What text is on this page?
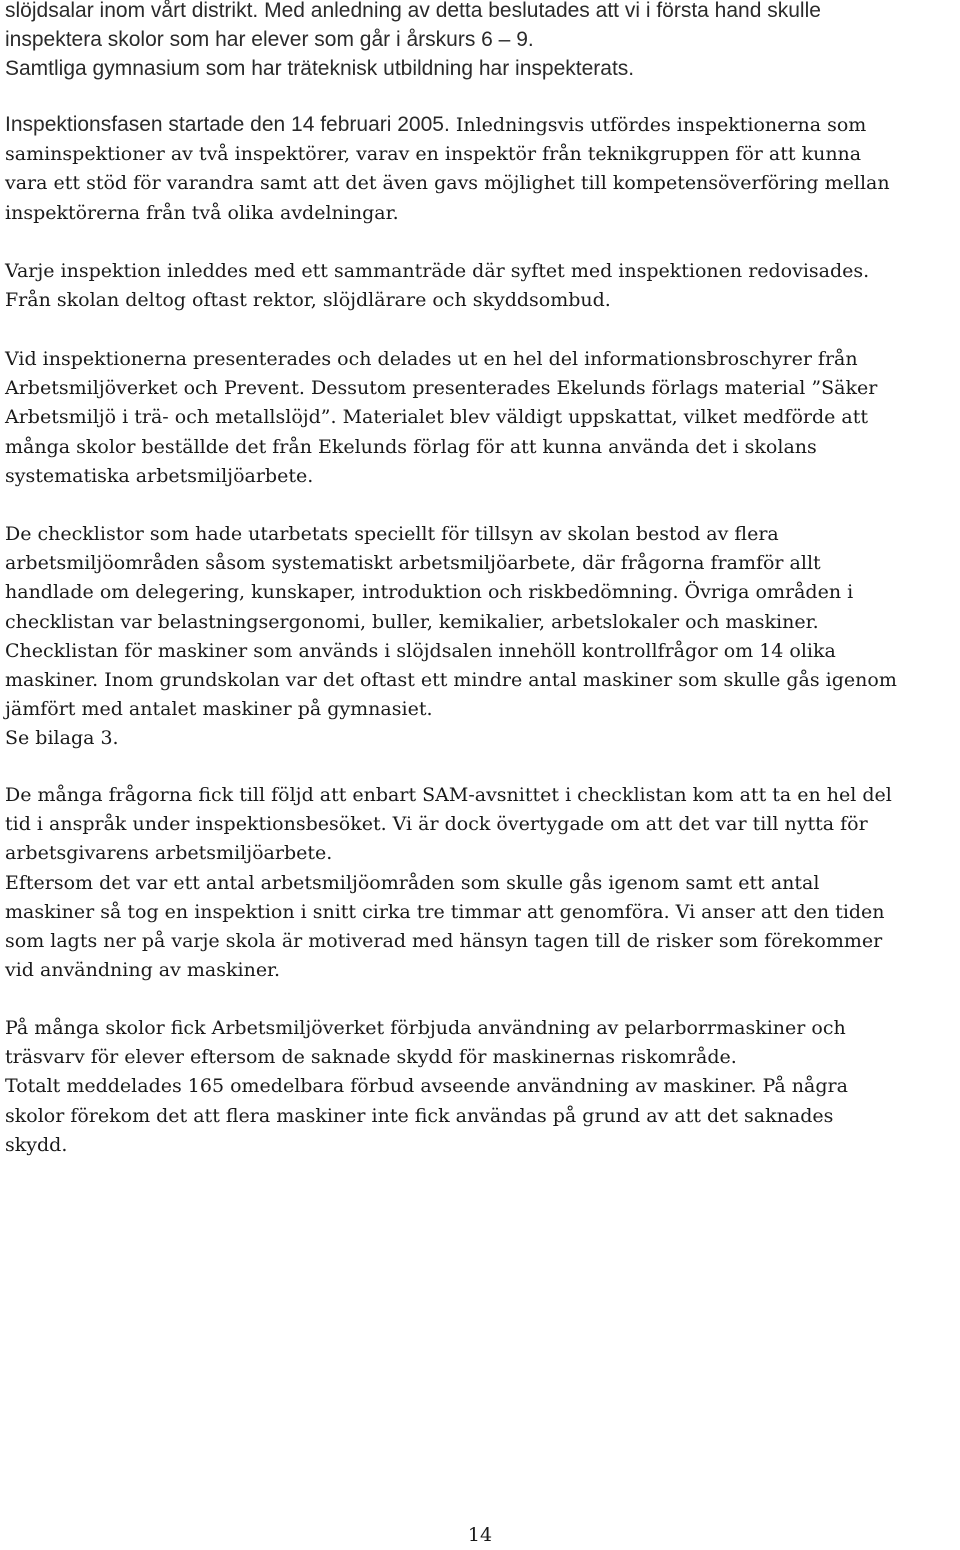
slöjdsalar inom vårt distrikt. Med anledning av detta beslutades att vi i första hand skulle
inspektera skolor som har elever som går i årskurs 6 – 9.
Samtliga gymnasium som har träteknisk utbildning har inspekterats.
Inspektionsfasen startade den 14 februari 2005. Inledningsvis utfördes inspektionerna som
saminspektioner av två inspektörer, varav en inspektör från teknikgruppen för att kunna
vara ett stöd för varandra samt att det även gavs möjlighet till kompetensöverföring mellan
inspektörerna från två olika avdelningar.
Varje inspektion inleddes med ett sammanträde där syftet med inspektionen redovisades.
Från skolan deltog oftast rektor, slöjdlärare och skyddsombud.
Vid inspektionerna presenterades och delades ut en hel del informationsbroschyrer från
Arbetsmiljöverket och Prevent. Dessutom presenterades Ekelunds förlags material ”Säker
Arbetsmiljö i trä- och metallslöjd”. Materialet blev väldigt uppskattat, vilket medförde att
många skolor beställde det från Ekelunds förlag för att kunna använda det i skolans
systematiska arbetsmiljöarbete.
De checklistor som hade utarbetats speciellt för tillsyn av skolan bestod av flera
arbetsmiljöområden såsom systematiskt arbetsmiljöarbete, där frågorna framför allt
handlade om delegering, kunskaper, introduktion och riskbedömning. Övriga områden i
checklistan var belastningsergonomi, buller, kemikalier, arbetslokaler och maskiner.
Checklistan för maskiner som används i slöjdsalen innehöll kontrollfrågor om 14 olika
maskiner. Inom grundskolan var det oftast ett mindre antal maskiner som skulle gås igenom
jämfört med antalet maskiner på gymnasiet.
Se bilaga 3.
De många frågorna fick till följd att enbart SAM-avsnittet i checklistan kom att ta en hel del
tid i anspråk under inspektionsbesöket. Vi är dock övertygade om att det var till nytta för
arbetsgivarens arbetsmiljöarbete.
Eftersom det var ett antal arbetsmiljöområden som skulle gås igenom samt ett antal
maskiner så tog en inspektion i snitt cirka tre timmar att genomföra. Vi anser att den tiden
som lagts ner på varje skola är motiverad med hänsyn tagen till de risker som förekommer
vid användning av maskiner.
På många skolor fick Arbetsmiljöverket förbjuda användning av pelarborrmaskiner och
träsvarv för elever eftersom de saknade skydd för maskinernas riskområde.
Totalt meddelades 165 omedelbara förbud avseende användning av maskiner. På några
skolor förekom det att flera maskiner inte fick användas på grund av att det saknades
skydd.
14
